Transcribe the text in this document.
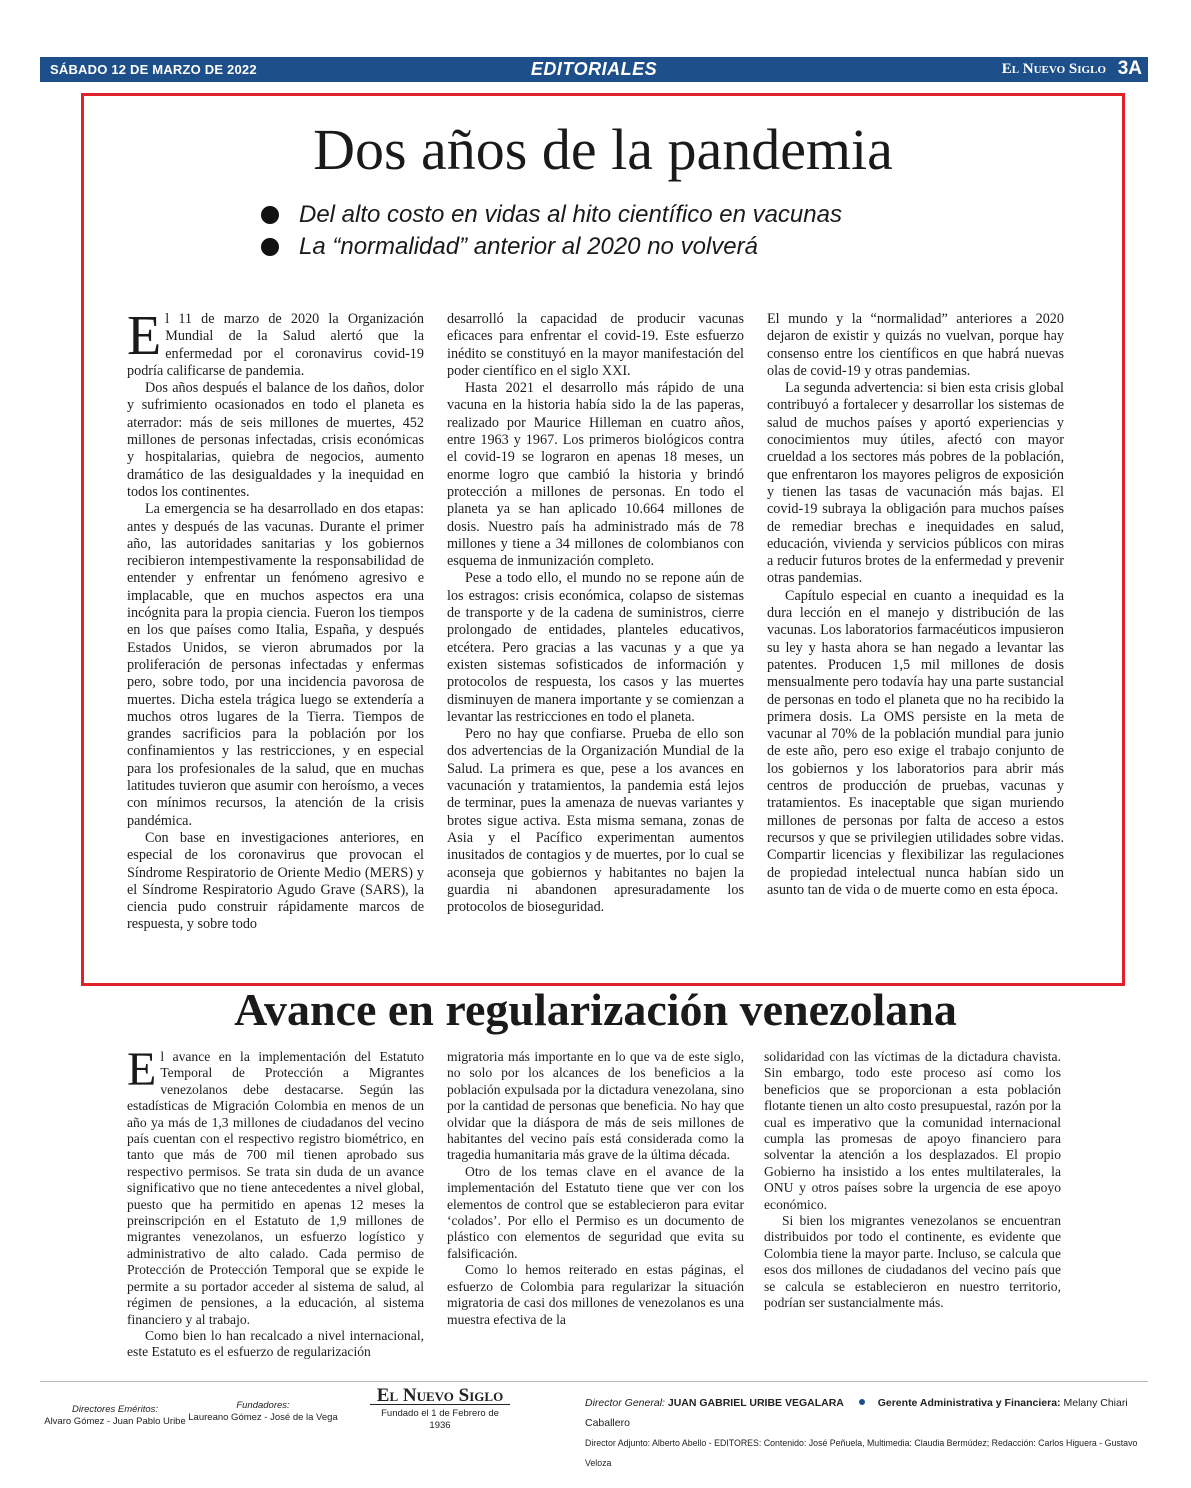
SÁBADO 12 DE MARZO DE 2022	EDITORIALES	El Nuevo Siglo 3A
Dos años de la pandemia
Del alto costo en vidas al hito científico en vacunas
La “normalidad” anterior al 2020 no volverá

El 11 de marzo de 2020 la Organización Mundial de la Salud alertó que la enfermedad por el coronavirus covid-19 podría calificarse de pandemia.

Dos años después el balance de los daños, dolor y sufrimiento ocasionados en todo el planeta es aterrador: más de seis millones de muertes, 452 millones de personas infectadas, crisis económicas y hospitalarias, quiebra de negocios, aumento dramático de las desigualdades y la inequidad en todos los continentes.

La emergencia se ha desarrollado en dos etapas: antes y después de las vacunas. Durante el primer año, las autoridades sanitarias y los gobiernos recibieron intempestivamente la responsabilidad de entender y enfrentar un fenómeno agresivo e implacable, que en muchos aspectos era una incógnita para la propia ciencia. Fueron los tiempos en los que países como Italia, España, y después Estados Unidos, se vieron abrumados por la proliferación de personas infectadas y enfermas pero, sobre todo, por una incidencia pavorosa de muertes. Dicha estela trágica luego se extendería a muchos otros lugares de la Tierra. Tiempos de grandes sacrificios para la población por los confinamientos y las restricciones, y en especial para los profesionales de la salud, que en muchas latitudes tuvieron que asumir con heroísmo, a veces con mínimos recursos, la atención de la crisis pandémica.

Con base en investigaciones anteriores, en especial de los coronavirus que provocan el Síndrome Respiratorio de Oriente Medio (MERS) y el Síndrome Respiratorio Agudo Grave (SARS), la ciencia pudo construir rápidamente marcos de respuesta, y sobre todo

desarrolló la capacidad de producir vacunas eficaces para enfrentar el covid-19. Este esfuerzo inédito se constituyó en la mayor manifestación del poder científico en el siglo XXI.

Hasta 2021 el desarrollo más rápido de una vacuna en la historia había sido la de las paperas, realizado por Maurice Hilleman en cuatro años, entre 1963 y 1967. Los primeros biológicos contra el covid-19 se lograron en apenas 18 meses, un enorme logro que cambió la historia y brindó protección a millones de personas. En todo el planeta ya se han aplicado 10.664 millones de dosis. Nuestro país ha administrado más de 78 millones y tiene a 34 millones de colombianos con esquema de inmunización completo.

Pese a todo ello, el mundo no se repone aún de los estragos: crisis económica, colapso de sistemas de transporte y de la cadena de suministros, cierre prolongado de entidades, planteles educativos, etcétera. Pero gracias a las vacunas y a que ya existen sistemas sofisticados de información y protocolos de respuesta, los casos y las muertes disminuyen de manera importante y se comienzan a levantar las restricciones en todo el planeta.

Pero no hay que confiarse. Prueba de ello son dos advertencias de la Organización Mundial de la Salud. La primera es que, pese a los avances en vacunación y tratamientos, la pandemia está lejos de terminar, pues la amenaza de nuevas variantes y brotes sigue activa. Esta misma semana, zonas de Asia y el Pacífico experimentan aumentos inusitados de contagios y de muertes, por lo cual se aconseja que gobiernos y habitantes no bajen la guardia ni abandonen apresuradamente los protocolos de bioseguridad.

El mundo y la “normalidad” anteriores a 2020 dejaron de existir y quizás no vuelvan, porque hay consenso entre los científicos en que habrá nuevas olas de covid-19 y otras pandemias.

La segunda advertencia: si bien esta crisis global contribuyó a fortalecer y desarrollar los sistemas de salud de muchos países y aportó experiencias y conocimientos muy útiles, afectó con mayor crueldad a los sectores más pobres de la población, que enfrentaron los mayores peligros de exposición y tienen las tasas de vacunación más bajas. El covid-19 subraya la obligación para muchos países de remediar brechas e inequidades en salud, educación, vivienda y servicios públicos con miras a reducir futuros brotes de la enfermedad y prevenir otras pandemias.

Capítulo especial en cuanto a inequidad es la dura lección en el manejo y distribución de las vacunas. Los laboratorios farmacéuticos impusieron su ley y hasta ahora se han negado a levantar las patentes. Producen 1,5 mil millones de dosis mensualmente pero todavía hay una parte sustancial de personas en todo el planeta que no ha recibido la primera dosis. La OMS persiste en la meta de vacunar al 70% de la población mundial para junio de este año, pero eso exige el trabajo conjunto de los gobiernos y los laboratorios para abrir más centros de producción de pruebas, vacunas y tratamientos. Es inaceptable que sigan muriendo millones de personas por falta de acceso a estos recursos y que se privilegien utilidades sobre vidas. Compartir licencias y flexibilizar las regulaciones de propiedad intelectual nunca habían sido un asunto tan de vida o de muerte como en esta época.

Avance en regularización venezolana

El avance en la implementación del Estatuto Temporal de Protección a Migrantes venezolanos debe destacarse. Según las estadísticas de Migración Colombia en menos de un año ya más de 1,3 millones de ciudadanos del vecino país cuentan con el respectivo registro biométrico, en tanto que más de 700 mil tienen aprobado sus respectivo permisos. Se trata sin duda de un avance significativo que no tiene antecedentes a nivel global, puesto que ha permitido en apenas 12 meses la preinscripción en el Estatuto de 1,9 millones de migrantes venezolanos, un esfuerzo logístico y administrativo de alto calado. Cada permiso de Protección de Protección Temporal que se expide le permite a su portador acceder al sistema de salud, al régimen de pensiones, a la educación, al sistema financiero y al trabajo.

Como bien lo han recalcado a nivel internacional, este Estatuto es el esfuerzo de regularización

migratoria más importante en lo que va de este siglo, no solo por los alcances de los beneficios a la población expulsada por la dictadura venezolana, sino por la cantidad de personas que beneficia. No hay que olvidar que la diáspora de más de seis millones de habitantes del vecino país está considerada como la tragedia humanitaria más grave de la última década.

Otro de los temas clave en el avance de la implementación del Estatuto tiene que ver con los elementos de control que se establecieron para evitar ‘colados’. Por ello el Permiso es un documento de plástico con elementos de seguridad que evita su falsificación.

Como lo hemos reiterado en estas páginas, el esfuerzo de Colombia para regularizar la situación migratoria de casi dos millones de venezolanos es una muestra efectiva de la

solidaridad con las víctimas de la dictadura chavista. Sin embargo, todo este proceso así como los beneficios que se proporcionan a esta población flotante tienen un alto costo presupuestal, razón por la cual es imperativo que la comunidad internacional cumpla las promesas de apoyo financiero para solventar la atención a los desplazados. El propio Gobierno ha insistido a los entes multilaterales, la ONU y otros países sobre la urgencia de ese apoyo económico.

Si bien los migrantes venezolanos se encuentran distribuidos por todo el continente, es evidente que Colombia tiene la mayor parte. Incluso, se calcula que esos dos millones de ciudadanos del vecino país que se calcula se establecieron en nuestro territorio, podrían ser sustancialmente más.

Directores Eméritos:
Alvaro Gómez - Juan Pablo Uribe
Fundadores:
Laureano Gómez - José de la Vega
El Nuevo Siglo
Fundado el 1 de Febrero de 1936
Director General: JUAN GABRIEL URIBE VEGALARA	Gerente Administrativa y Financiera: Melany Chiari Caballero
Director Adjunto: Alberto Abello - EDITORES: Contenido: José Peñuela, Multimedia: Claudia Bermúdez; Redacción: Carlos Higuera - Gustavo Veloza
